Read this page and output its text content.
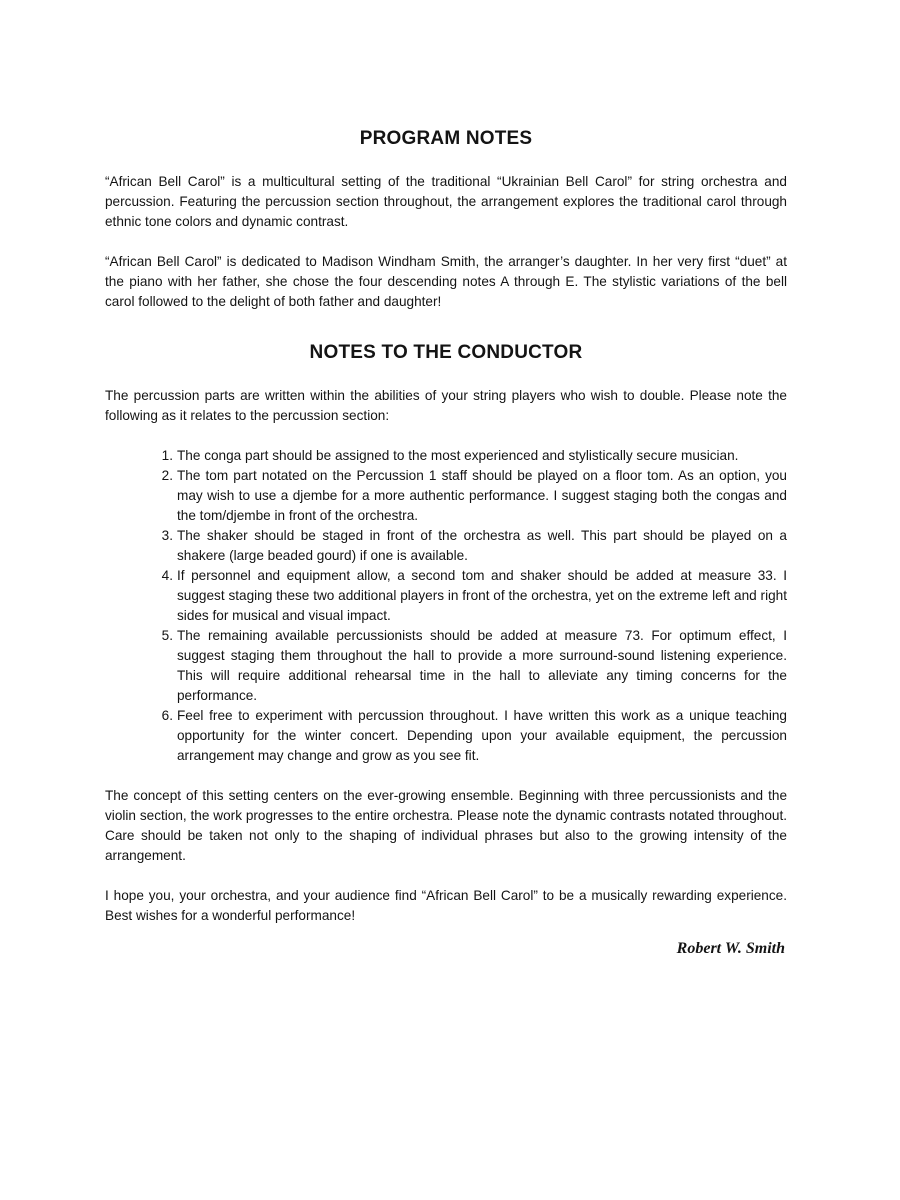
PROGRAM NOTES

“African Bell Carol” is a multicultural setting of the traditional “Ukrainian Bell Carol” for string orchestra and percussion. Featuring the percussion section throughout, the arrangement explores the traditional carol through ethnic tone colors and dynamic contrast.

“African Bell Carol” is dedicated to Madison Windham Smith, the arranger’s daughter. In her very first “duet” at the piano with her father, she chose the four descending notes A through E. The stylistic variations of the bell carol followed to the delight of both father and daughter!

NOTES TO THE CONDUCTOR

The percussion parts are written within the abilities of your string players who wish to double. Please note the following as it relates to the percussion section:

1. The conga part should be assigned to the most experienced and stylistically secure musician.
2. The tom part notated on the Percussion 1 staff should be played on a floor tom. As an option, you may wish to use a djembe for a more authentic performance. I suggest staging both the congas and the tom/djembe in front of the orchestra.
3. The shaker should be staged in front of the orchestra as well. This part should be played on a shakere (large beaded gourd) if one is available.
4. If personnel and equipment allow, a second tom and shaker should be added at measure 33. I suggest staging these two additional players in front of the orchestra, yet on the extreme left and right sides for musical and visual impact.
5. The remaining available percussionists should be added at measure 73. For optimum effect, I suggest staging them throughout the hall to provide a more surround-sound listening experience. This will require additional rehearsal time in the hall to alleviate any timing concerns for the performance.
6. Feel free to experiment with percussion throughout. I have written this work as a unique teaching opportunity for the winter concert. Depending upon your available equipment, the percussion arrangement may change and grow as you see fit.

The concept of this setting centers on the ever-growing ensemble. Beginning with three percussionists and the violin section, the work progresses to the entire orchestra. Please note the dynamic contrasts notated throughout. Care should be taken not only to the shaping of individual phrases but also to the growing intensity of the arrangement.

I hope you, your orchestra, and your audience find “African Bell Carol” to be a musically rewarding experience. Best wishes for a wonderful performance!

Robert W. Smith
